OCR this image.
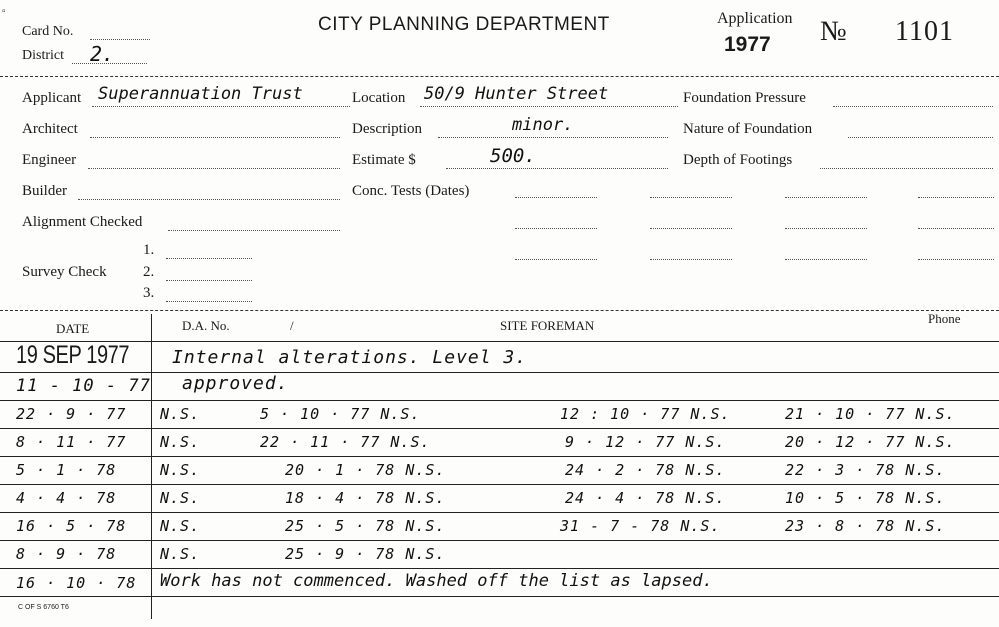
▫
Card No.
District 2.
CITY PLANNING DEPARTMENT	Application
1977 № 1101
Applicant Superannuation Trust
Architect
Engineer
Builder
Alignment Checked
Survey Check
1.
2.
3.
Location 50/9 Hunter Street
Description	minor.
Estimate $	500.
Conc. Tests (Dates)
Foundation Pressure
Nature of Foundation
Depth of Footings
DATE	D.A. No.	/	SITE FOREMAN	Phone
19 SEP 1977 Internal alterations. Level 3.
11 - 10 - 77 approved.
22 · 9 · 77 N.S.	5 · 10 · 77 N.S.	12 : 10 · 77 N.S.	21 · 10 · 77 N.S.
8 · 11 · 77 N.S.	22 · 11 · 77 N.S.	9 · 12 · 77 N.S.	20 · 12 · 77 N.S.
5 · 1 · 78	N.S.	20 · 1 · 78 N.S.	24 · 2 · 78 N.S.	22 · 3 · 78 N.S.
4 · 4 · 78	N.S.	18 · 4 · 78 N.S.	24 · 4 · 78 N.S.	10 · 5 · 78 N.S.
16 · 5 · 78 N.S.	25 · 5 · 78 N.S.	31 - 7 - 78 N.S.	23 · 8 · 78 N.S.
8 · 9 · 78	N.S.	25 · 9 · 78 N.S.
16 · 10 · 78 Work has not commenced. Washed off the list as lapsed.
C OF S 6760 T6
